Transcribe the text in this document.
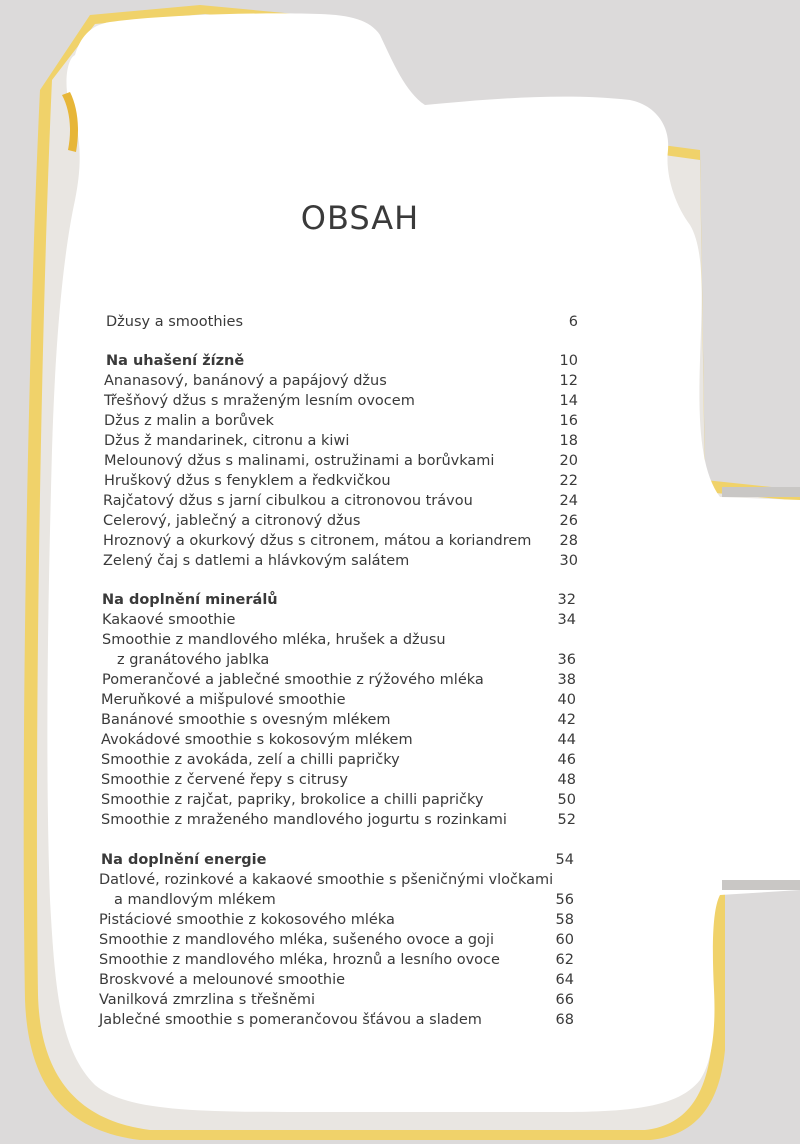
OBSAH
Džusy a smoothies	6
Na uhašení žízně	10
Ananasový, banánový a papájový džus	12
Třešňový džus s mraženým lesním ovocem	14
Džus z malin a borůvek	16
Džus ž mandarinek, citronu a kiwi	18
Melounový džus s malinami, ostružinami a borůvkami	20
Hruškový džus s fenyklem a ředkvičkou	22
Rajčatový džus s jarní cibulkou a citronovou trávou	24
Celerový, jablečný a citronový džus	26
Hroznový a okurkový džus s citronem, mátou a koriandrem	28
Zelený čaj s datlemi a hlávkovým salátem	30
Na doplnění minerálů	32
Kakaové smoothie	34
Smoothie z mandlového mléka, hrušek a džusu
z granátového jablka	36
Pomerančové a jablečné smoothie z rýžového mléka	38
Meruňkové a mišpulové smoothie	40
Banánové smoothie s ovesným mlékem	42
Avokádové smoothie s kokosovým mlékem	44
Smoothie z avokáda, zelí a chilli papričky	46
Smoothie z červené řepy s citrusy	48
Smoothie z rajčat, papriky, brokolice a chilli papričky	50
Smoothie z mraženého mandlového jogurtu s rozinkami	52
Na doplnění energie	54
Datlové, rozinkové a kakaové smoothie s pšeničnými vločkami
a mandlovým mlékem	56
Pistáciové smoothie z kokosového mléka	58
Smoothie z mandlového mléka, sušeného ovoce a goji	60
Smoothie z mandlového mléka, hroznů a lesního ovoce	62
Broskvové a melounové smoothie	64
Vanilková zmrzlina s třešněmi	66
Jablečné smoothie s pomerančovou šťávou a sladem	68
